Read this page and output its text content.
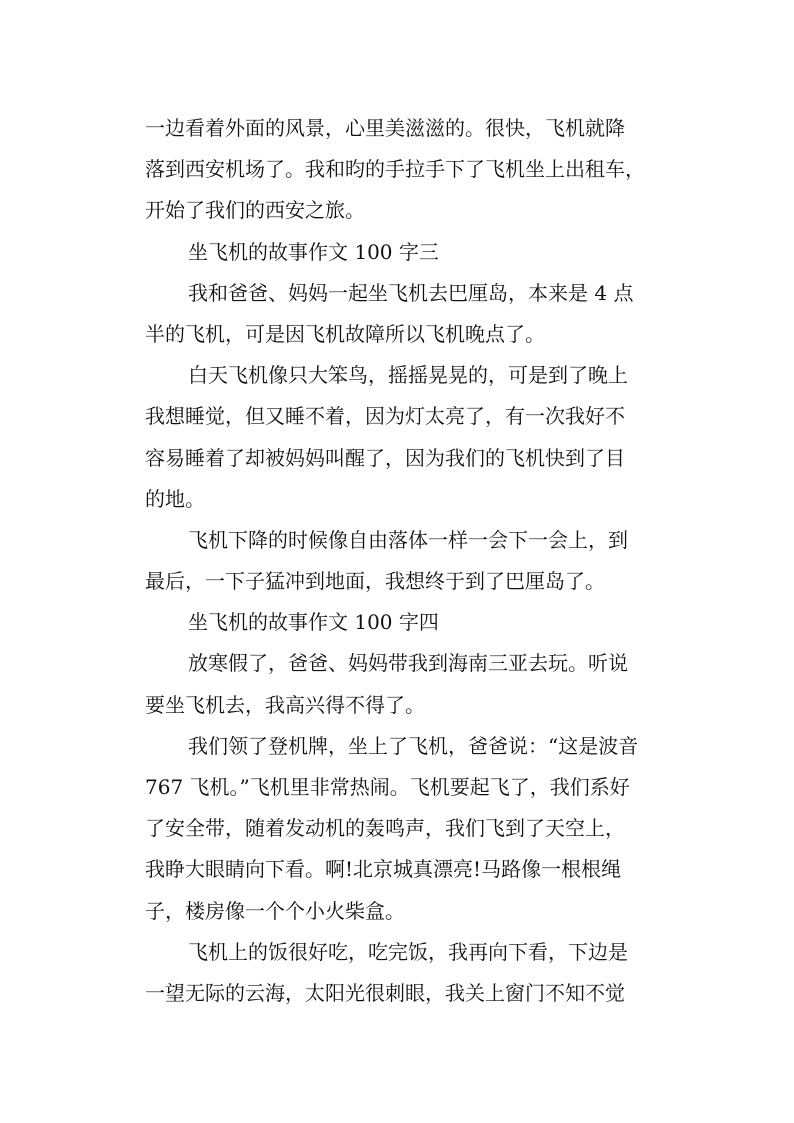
一边看着外面的风景，心里美滋滋的。很快，飞机就降
落到西安机场了。我和昀的手拉手下了飞机坐上出租车，
开始了我们的西安之旅。
坐飞机的故事作文 100 字三
我和爸爸、妈妈一起坐飞机去巴厘岛，本来是 4 点
半的飞机，可是因飞机故障所以飞机晚点了。
白天飞机像只大笨鸟，摇摇晃晃的，可是到了晚上
我想睡觉，但又睡不着，因为灯太亮了，有一次我好不
容易睡着了却被妈妈叫醒了，因为我们的飞机快到了目
的地。
飞机下降的时候像自由落体一样一会下一会上，到
最后，一下子猛冲到地面，我想终于到了巴厘岛了。
坐飞机的故事作文 100 字四
放寒假了，爸爸、妈妈带我到海南三亚去玩。听说
要坐飞机去，我高兴得不得了。
我们领了登机牌，坐上了飞机，爸爸说：“这是波音
767 飞机。”飞机里非常热闹。飞机要起飞了，我们系好
了安全带，随着发动机的轰鸣声，我们飞到了天空上，
我睁大眼睛向下看。啊!北京城真漂亮!马路像一根根绳
子，楼房像一个个小火柴盒。
飞机上的饭很好吃，吃完饭，我再向下看，下边是
一望无际的云海，太阳光很刺眼，我关上窗门不知不觉
